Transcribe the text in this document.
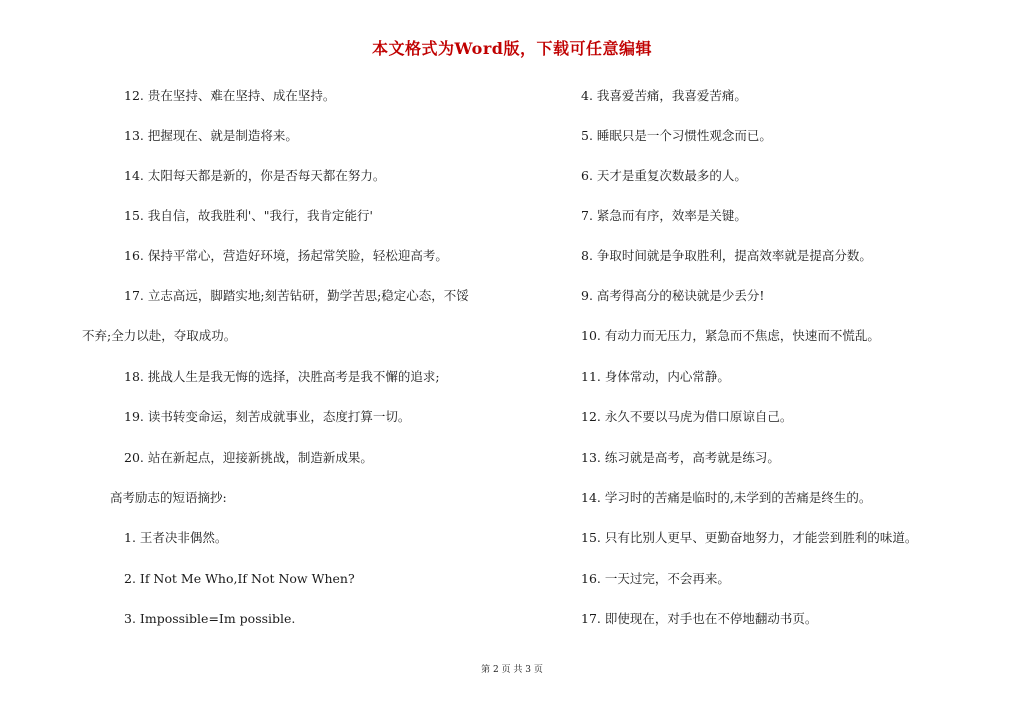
本文格式为Word版，下载可任意编辑
12. 贵在坚持、难在坚持、成在坚持。
13. 把握现在、就是制造将来。
14. 太阳每天都是新的，你是否每天都在努力。
15. 我自信，故我胜利'、"我行，我肯定能行'
16. 保持平常心，营造好环境，扬起常笑脸，轻松迎高考。
17. 立志高远，脚踏实地;刻苦钻研，勤学苦思;稳定心态，不馁
不弃;全力以赴，夺取成功。
18. 挑战人生是我无悔的选择，决胜高考是我不懈的追求;
19. 读书转变命运，刻苦成就事业，态度打算一切。
20. 站在新起点，迎接新挑战，制造新成果。
高考励志的短语摘抄:
1. 王者决非偶然。
2. If Not Me Who,If Not Now When?
3. Impossible=Im possible.
4. 我喜爱苦痛，我喜爱苦痛。
5. 睡眠只是一个习惯性观念而已。
6. 天才是重复次数最多的人。
7. 紧急而有序，效率是关键。
8. 争取时间就是争取胜利，提高效率就是提高分数。
9. 高考得高分的秘诀就是少丢分!
10. 有动力而无压力，紧急而不焦虑，快速而不慌乱。
11. 身体常动，内心常静。
12. 永久不要以马虎为借口原谅自己。
13. 练习就是高考，高考就是练习。
14. 学习时的苦痛是临时的,未学到的苦痛是终生的。
15. 只有比别人更早、更勤奋地努力，才能尝到胜利的味道。
16. 一天过完，不会再来。
17. 即使现在，对手也在不停地翻动书页。
第 2 页 共 3 页
